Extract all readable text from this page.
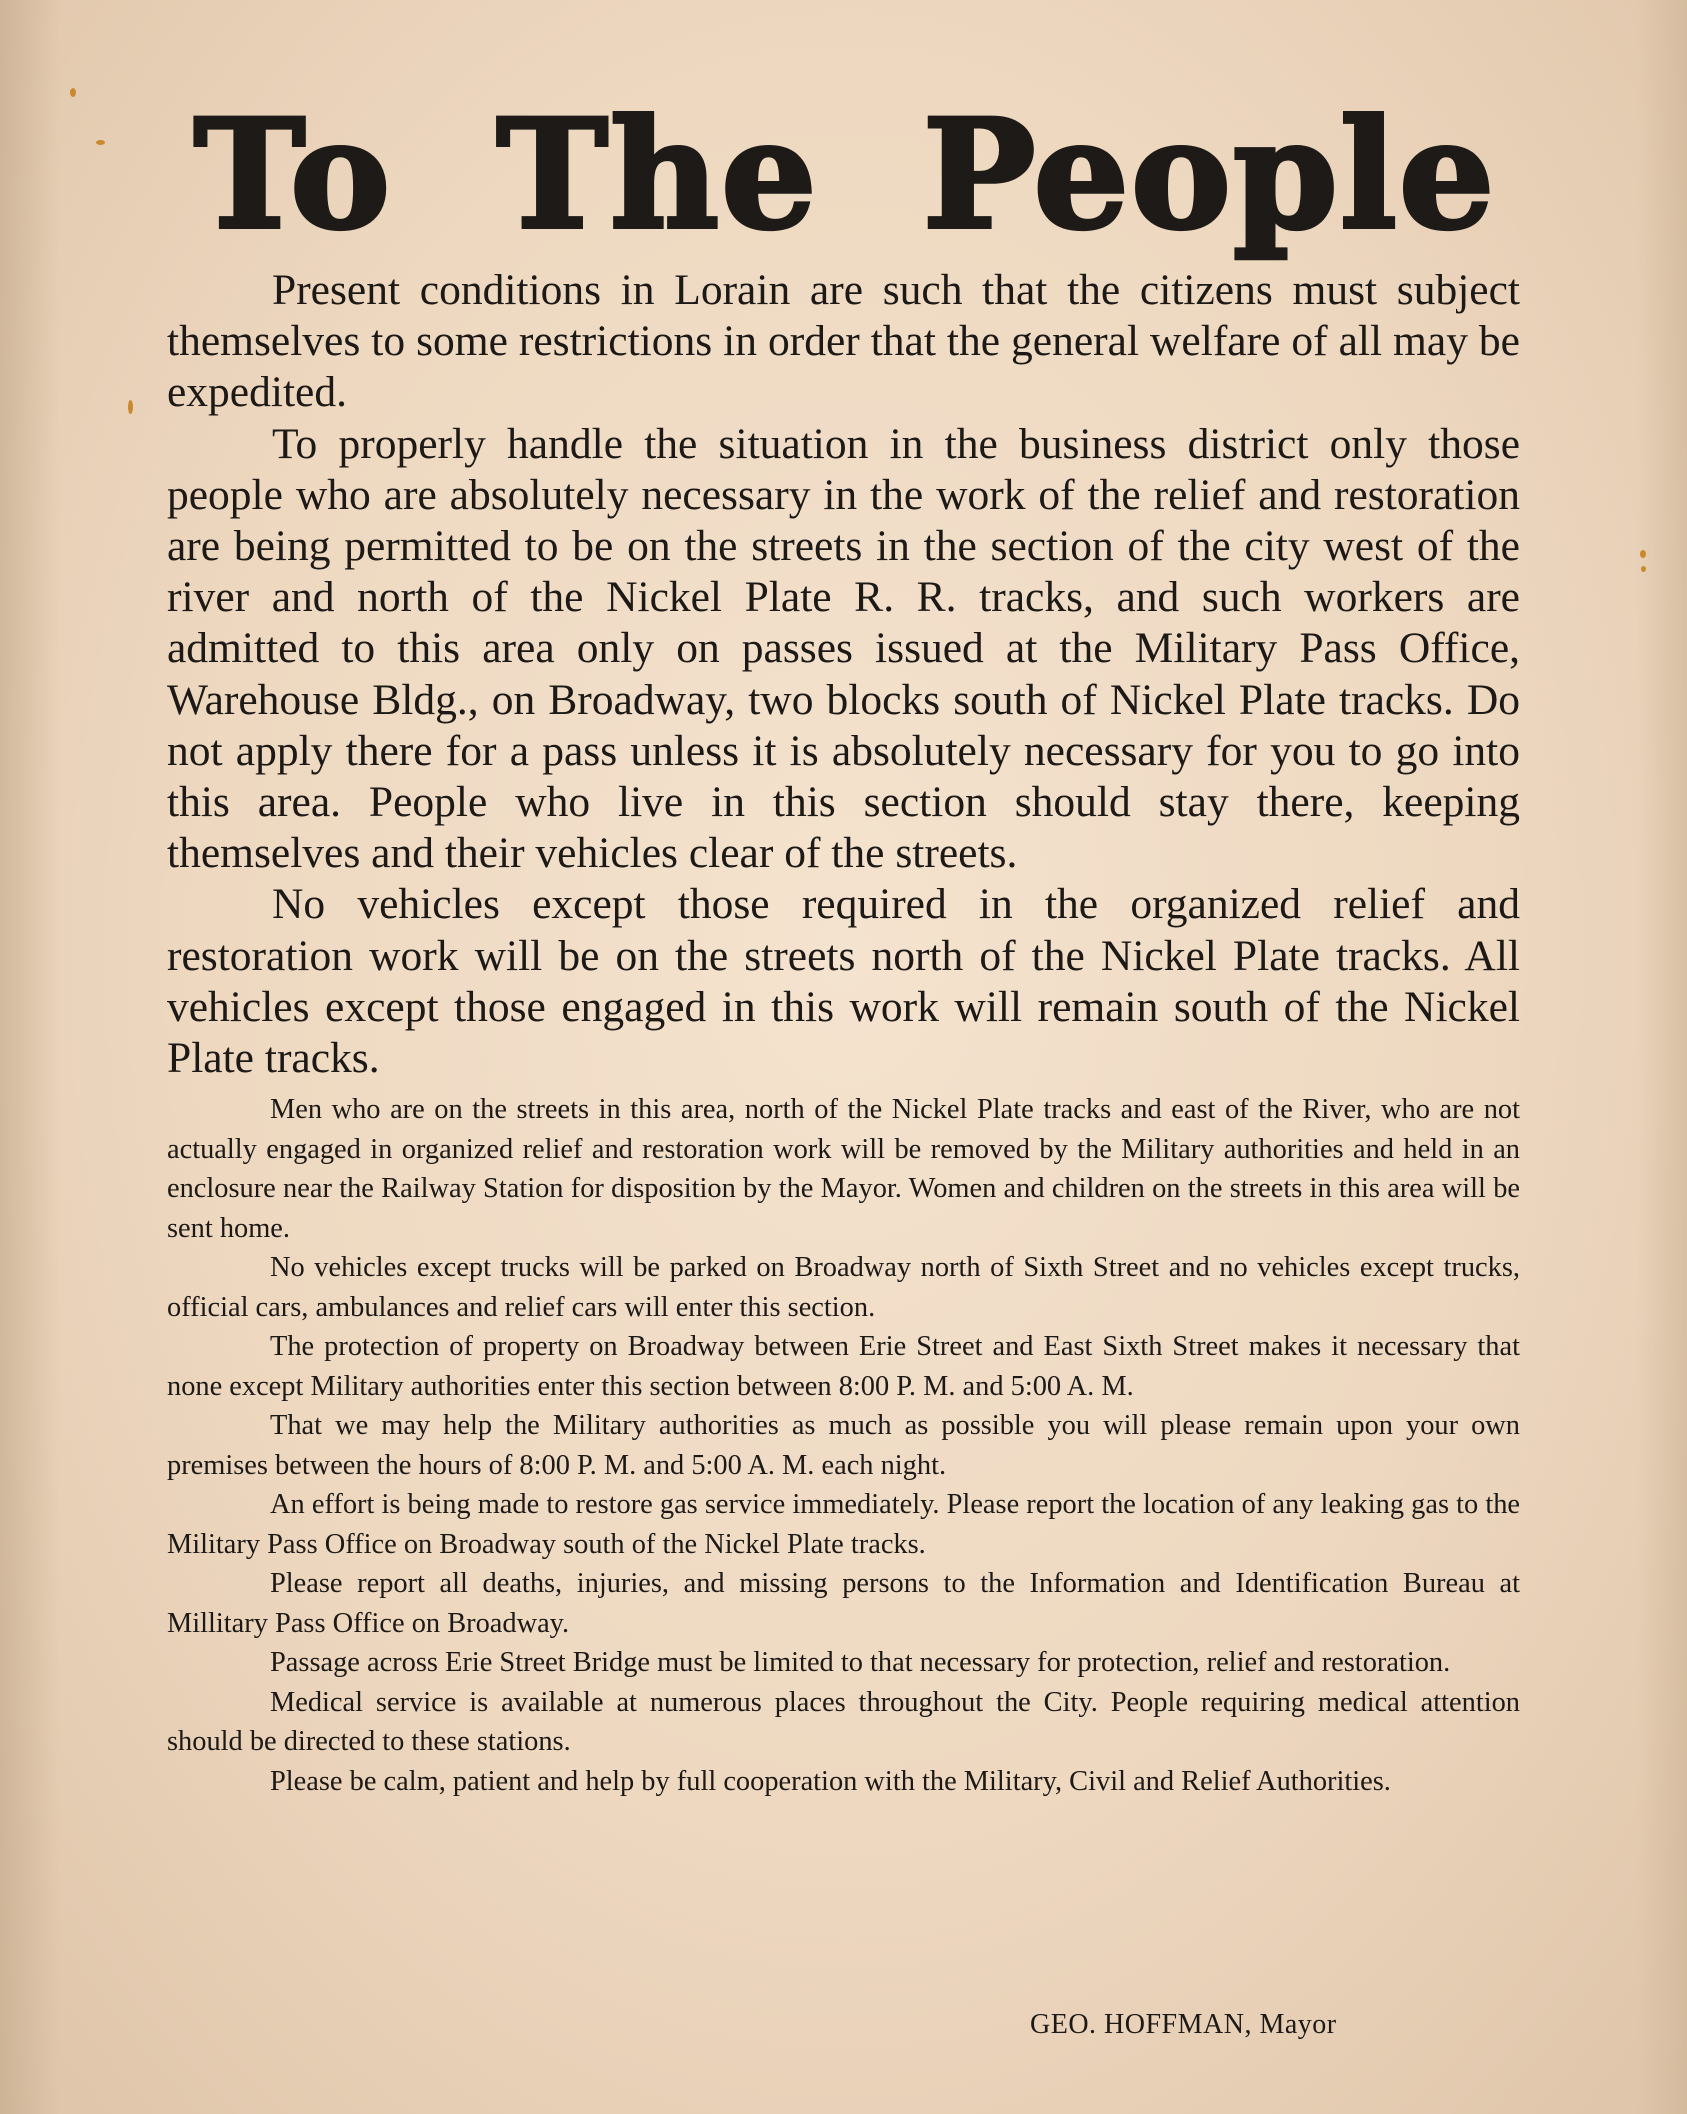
To The People

Present conditions in Lorain are such that the citizens must subject themselves to some restrictions in order that the general welfare of all may be expedited.

To properly handle the situation in the business district only those people who are absolutely necessary in the work of the relief and restoration are being permitted to be on the streets in the section of the city west of the river and north of the Nickel Plate R. R. tracks, and such workers are admitted to this area only on passes issued at the Military Pass Office, Warehouse Bldg., on Broadway, two blocks south of Nickel Plate tracks. Do not apply there for a pass unless it is absolutely necessary for you to go into this area. People who live in this section should stay there, keeping themselves and their vehicles clear of the streets.

No vehicles except those required in the organized relief and restoration work will be on the streets north of the Nickel Plate tracks. All vehicles except those engaged in this work will remain south of the Nickel Plate tracks.

Men who are on the streets in this area, north of the Nickel Plate tracks and east of the River, who are not actually engaged in organized relief and restoration work will be removed by the Military authorities and held in an enclosure near the Railway Station for disposition by the Mayor. Women and children on the streets in this area will be sent home.

No vehicles except trucks will be parked on Broadway north of Sixth Street and no vehicles except trucks, official cars, ambulances and relief cars will enter this section.

The protection of property on Broadway between Erie Street and East Sixth Street makes it necessary that none except Military authorities enter this section between 8:00 P. M. and 5:00 A. M.

That we may help the Military authorities as much as possible you will please remain upon your own premises between the hours of 8:00 P. M. and 5:00 A. M. each night.

An effort is being made to restore gas service immediately. Please report the location of any leaking gas to the Military Pass Office on Broadway south of the Nickel Plate tracks.

Please report all deaths, injuries, and missing persons to the Information and Identification Bureau at Millitary Pass Office on Broadway.

Passage across Erie Street Bridge must be limited to that necessary for protection, relief and restoration.

Medical service is available at numerous places throughout the City. People requiring medical attention should be directed to these stations.

Please be calm, patient and help by full cooperation with the Military, Civil and Relief Authorities.

GEO. HOFFMAN, Mayor
